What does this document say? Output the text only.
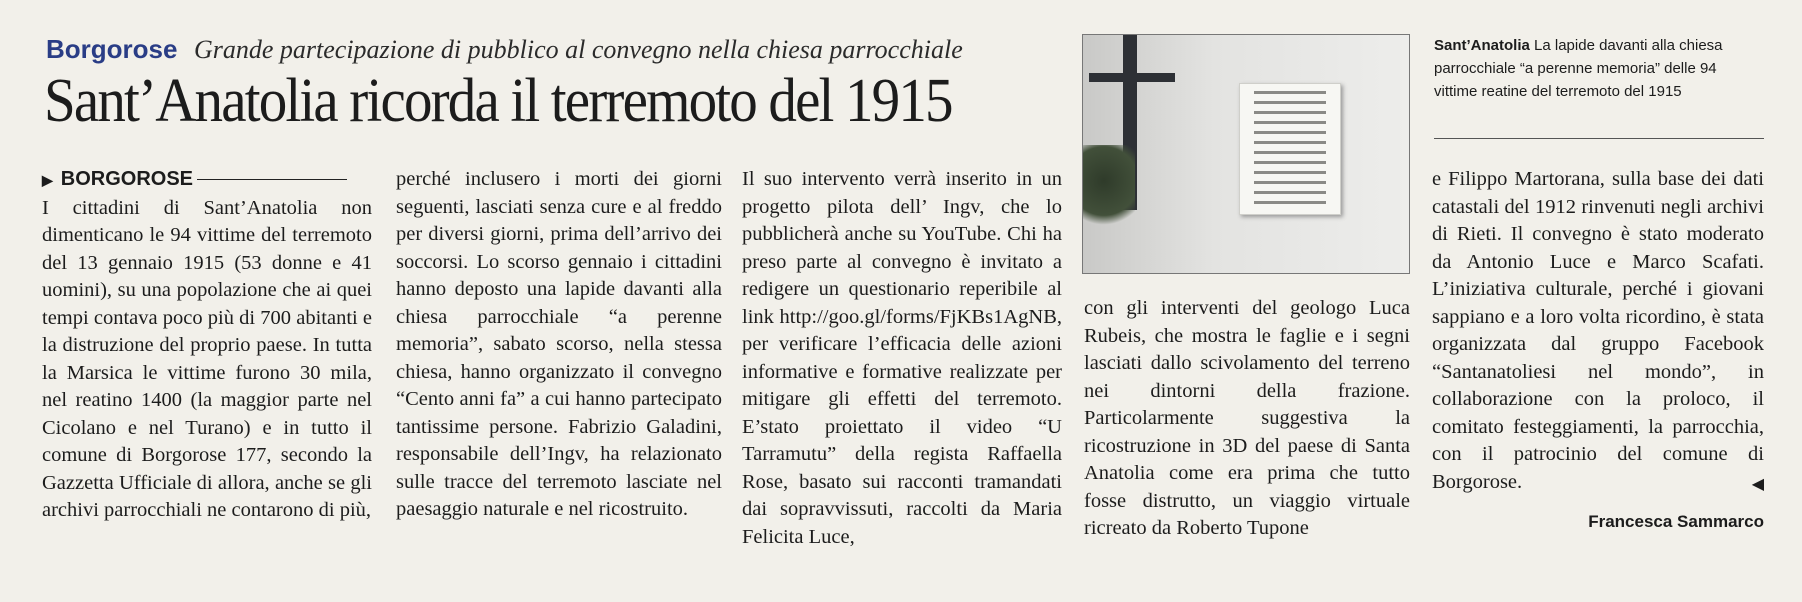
Borgorose Grande partecipazione di pubblico al convegno nella chiesa parrocchiale
Sant’Anatolia ricorda il terremoto del 1915
▶ BORGOROSE

I cittadini di Sant’Anatolia non dimenticano le 94 vittime del terremoto del 13 gennaio 1915 (53 donne e 41 uomini), su una popolazione che ai quei tempi contava poco più di 700 abitanti e la distruzione del proprio paese. In tutta la Marsica le vittime furono 30 mila, nel reatino 1400 (la maggior parte nel Cicolano e nel Turano) e in tutto il comune di Borgorose 177, secondo la Gazzetta Ufficiale di allora, anche se gli archivi parrocchiali ne contarono di più,

perché inclusero i morti dei giorni seguenti, lasciati senza cure e al freddo per diversi giorni, prima dell’arrivo dei soccorsi. Lo scorso gennaio i cittadini hanno deposto una lapide davanti alla chiesa parrocchiale “a perenne memoria”, sabato scorso, nella stessa chiesa, hanno organizzato il convegno “Cento anni fa” a cui hanno partecipato tantissime persone. Fabrizio Galadini, responsabile dell’Ingv, ha relazionato sulle tracce del terremoto lasciate nel paesaggio naturale e nel ricostruito.

Il suo intervento verrà inserito in un progetto pilota dell’ Ingv, che lo pubblicherà anche su YouTube. Chi ha preso parte al convegno è invitato a redigere un questionario reperibile al link http://goo.gl/forms/FjKBs1AgNB, per verificare l’efficacia delle azioni informative e formative realizzate per mitigare gli effetti del terremoto. E’stato proiettato il video “U Tarramutu” della regista Raffaella Rose, basato sui racconti tramandati dai sopravvissuti, raccolti da Maria Felicita Luce,

con gli interventi del geologo Luca Rubeis, che mostra le faglie e i segni lasciati dallo scivolamento del terreno nei dintorni della frazione. Particolarmente suggestiva la ricostruzione in 3D del paese di Santa Anatolia come era prima che tutto fosse distrutto, un viaggio virtuale ricreato da Roberto Tupone

Sant’Anatolia La lapide davanti alla chiesa parrocchiale “a perenne memoria” delle 94 vittime reatine del terremoto del 1915

e Filippo Martorana, sulla base dei dati catastali del 1912 rinvenuti negli archivi di Rieti. Il convegno è stato moderato da Antonio Luce e Marco Scafati. L’iniziativa culturale, perché i giovani sappiano e a loro volta ricordino, è stata organizzata dal gruppo Facebook “Santanatoliesi nel mondo”, in collaborazione con la proloco, il comitato festeggiamenti, la parrocchia, con il patrocinio del comune di Borgorose.	◀

Francesca Sammarco
